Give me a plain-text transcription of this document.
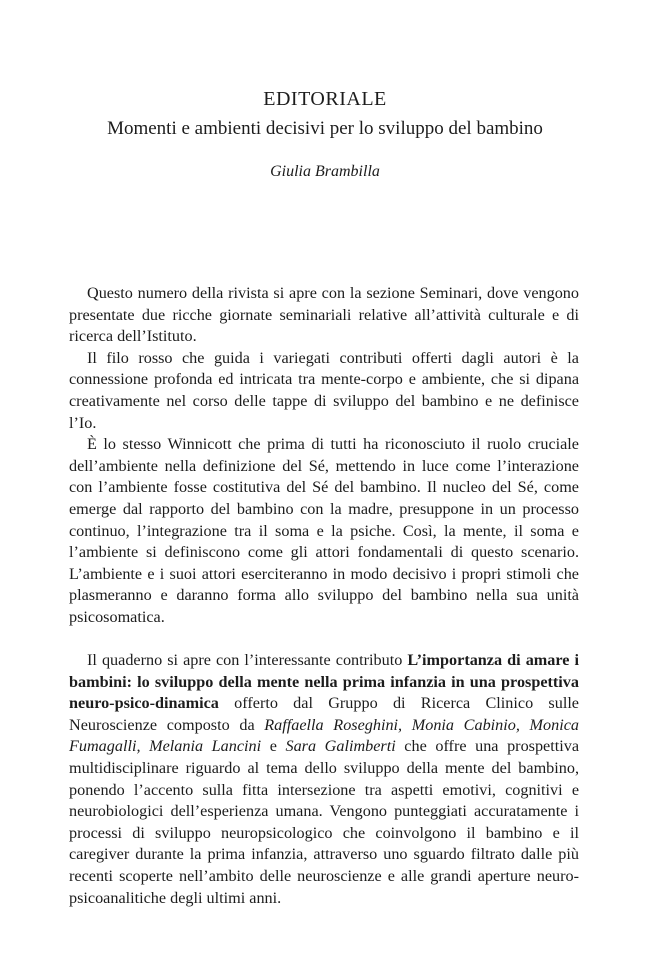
EDITORIALE
Momenti e ambienti decisivi per lo sviluppo del bambino
Giulia Brambilla

Questo numero della rivista si apre con la sezione Seminari, dove vengono presentate due ricche giornate seminariali relative all’attività culturale e di ricerca dell’Istituto.

Il filo rosso che guida i variegati contributi offerti dagli autori è la connessione profonda ed intricata tra mente-corpo e ambiente, che si dipana creativamente nel corso delle tappe di sviluppo del bambino e ne definisce l’Io.

È lo stesso Winnicott che prima di tutti ha riconosciuto il ruolo cruciale dell’ambiente nella definizione del Sé, mettendo in luce come l’interazione con l’ambiente fosse costitutiva del Sé del bambino. Il nucleo del Sé, come emerge dal rapporto del bambino con la madre, presuppone in un processo continuo, l’integrazione tra il soma e la psiche. Così, la mente, il soma e l’ambiente si definiscono come gli attori fondamentali di questo scenario. L’ambiente e i suoi attori eserciteranno in modo decisivo i propri stimoli che plasmeranno e daranno forma allo sviluppo del bambino nella sua unità psicosomatica.

Il quaderno si apre con l’interessante contributo L’importanza di amare i bambini: lo sviluppo della mente nella prima infanzia in una prospettiva neuro-psico-dinamica offerto dal Gruppo di Ricerca Clinico sulle Neuroscienze composto da Raffaella Roseghini, Monia Cabinio, Monica Fumagalli, Melania Lancini e Sara Galimberti che offre una prospettiva multidisciplinare riguardo al tema dello sviluppo della mente del bambino, ponendo l’accento sulla fitta intersezione tra aspetti emotivi, cognitivi e neurobiologici dell’esperienza umana. Vengono punteggiati accuratamente i processi di sviluppo neuropsicologico che coinvolgono il bambino e il caregiver durante la prima infanzia, attraverso uno sguardo filtrato dalle più recenti scoperte nell’ambito delle neuroscienze e alle grandi aperture neuro-psicoanalitiche degli ultimi anni.
